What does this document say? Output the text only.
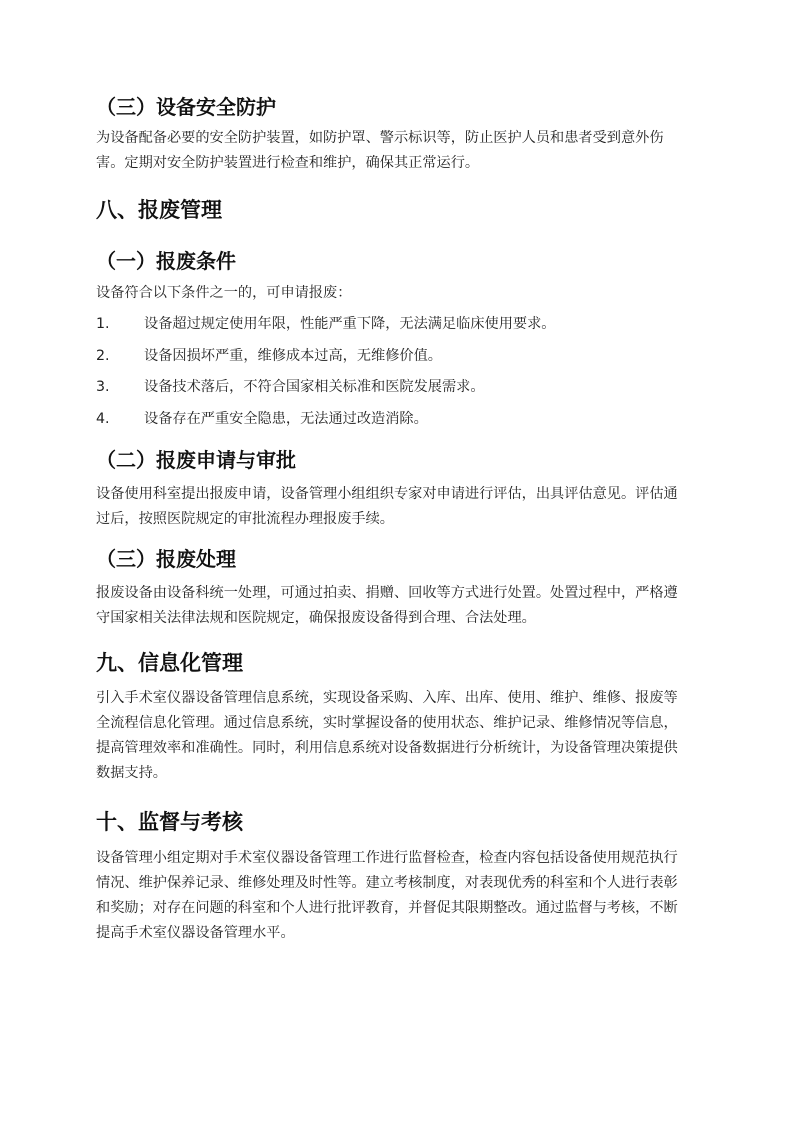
（三）设备安全防护
为设备配备必要的安全防护装置，如防护罩、警示标识等，防止医护人员和患者受到意外伤
害。定期对安全防护装置进行检查和维护，确保其正常运行。
八、报废管理
（一）报废条件
设备符合以下条件之一的，可申请报废：
1. 设备超过规定使用年限，性能严重下降，无法满足临床使用要求。
2. 设备因损坏严重，维修成本过高，无维修价值。
3. 设备技术落后，不符合国家相关标准和医院发展需求。
4. 设备存在严重安全隐患，无法通过改造消除。
（二）报废申请与审批
设备使用科室提出报废申请，设备管理小组组织专家对申请进行评估，出具评估意见。评估通
过后，按照医院规定的审批流程办理报废手续。
（三）报废处理
报废设备由设备科统一处理，可通过拍卖、捐赠、回收等方式进行处置。处置过程中，严格遵
守国家相关法律法规和医院规定，确保报废设备得到合理、合法处理。
九、信息化管理
引入手术室仪器设备管理信息系统，实现设备采购、入库、出库、使用、维护、维修、报废等
全流程信息化管理。通过信息系统，实时掌握设备的使用状态、维护记录、维修情况等信息，
提高管理效率和准确性。同时，利用信息系统对设备数据进行分析统计，为设备管理决策提供
数据支持。
十、监督与考核
设备管理小组定期对手术室仪器设备管理工作进行监督检查，检查内容包括设备使用规范执行
情况、维护保养记录、维修处理及时性等。建立考核制度，对表现优秀的科室和个人进行表彰
和奖励；对存在问题的科室和个人进行批评教育，并督促其限期整改。通过监督与考核，不断
提高手术室仪器设备管理水平。
